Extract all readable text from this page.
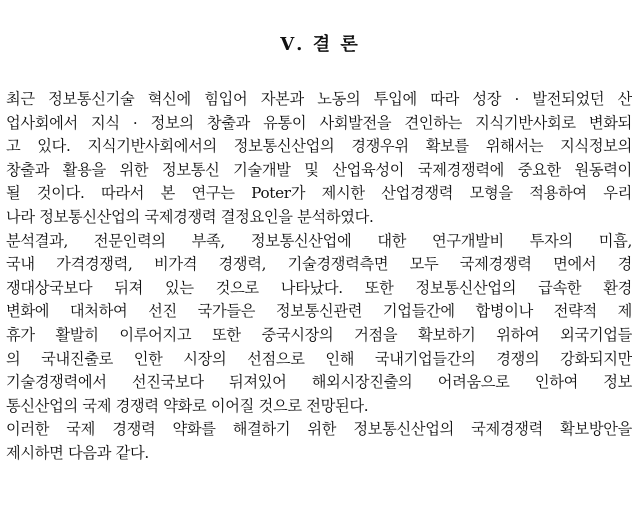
Ⅴ. 결 론
최근 정보통신기술 혁신에 힘입어 자본과 노동의 투입에 따라 성장 · 발전되었던 산
업사회에서 지식 · 정보의 창출과 유통이 사회발전을 견인하는 지식기반사회로 변화되
고 있다. 지식기반사회에서의 정보통신산업의 경쟁우위 확보를 위해서는 지식정보의
창출과 활용을 위한 정보통신 기술개발 및 산업육성이 국제경쟁력에 중요한 원동력이
될 것이다. 따라서 본 연구는 Poter가 제시한 산업경쟁력 모형을 적용하여 우리
나라 정보통신산업의 국제경쟁력 결정요인을 분석하였다.
분석결과, 전문인력의 부족, 정보통신산업에 대한 연구개발비 투자의 미흡,
국내 가격경쟁력, 비가격 경쟁력, 기술경쟁력측면 모두 국제경쟁력 면에서 경
쟁대상국보다 뒤져 있는 것으로 나타났다. 또한 정보통신산업의 급속한 환경
변화에 대처하여 선진 국가들은 정보통신관련 기업들간에 합병이나 전략적 제
휴가 활발히 이루어지고 또한 중국시장의 거점을 확보하기 위하여 외국기업들
의 국내진출로 인한 시장의 선점으로 인해 국내기업들간의 경쟁의 강화되지만
기술경쟁력에서 선진국보다 뒤져있어 해외시장진출의 어려움으로 인하여 정보
통신산업의 국제 경쟁력 약화로 이어질 것으로 전망된다.
이러한 국제 경쟁력 약화를 해결하기 위한 정보통신산업의 국제경쟁력 확보방안을
제시하면 다음과 같다.
